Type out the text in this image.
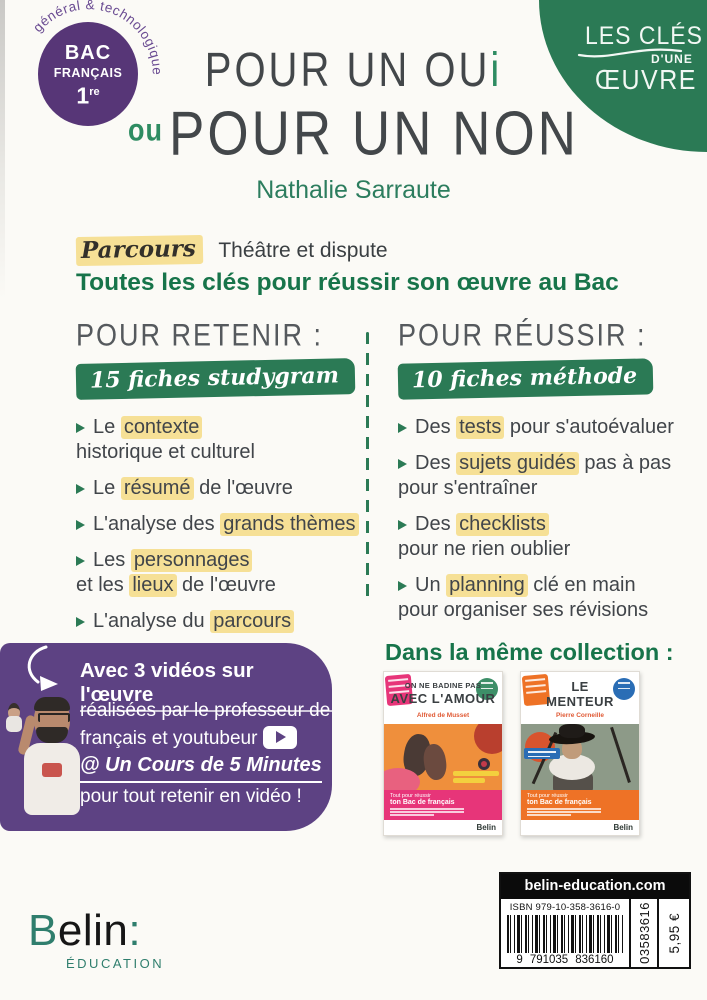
général & technologique
BAC
FRANÇAIS
1re
LES CLÉS
D'UNE
ŒUVRE
POUR UN OUi
$^{ou}$ POUR UN NON
Nathalie Sarraute
Parcours Théâtre et dispute
Toutes les clés pour réussir son œuvre au Bac
POUR RETENIR :
15 fiches studygram
Le contexte
historique et culturel
Le résumé de l'œuvre
L'analyse des grands thèmes
Les personnages
et les lieux de l'œuvre
L'analyse du parcours
POUR RÉUSSIR :
10 fiches méthode
Des tests pour s'autoévaluer
Des sujets guidés pas à pas
pour s'entraîner
Des checklists
pour ne rien oublier
Un planning clé en main
pour organiser ses révisions
Avec 3 vidéos sur l'œuvre
réalisées par le professeur de
français et youtubeur

@ Un Cours de 5 Minutes
pour tout retenir en vidéo !
Dans la même collection :
ON NE BADINE PAS
AVEC L'AMOUR
Alfred de Musset
Tout pour réussir
ton Bac de français
Belin
LE
MENTEUR
Pierre Corneille
Tout pour réussir
ton Bac de français
Belin
Belin:
ÉDUCATION
belin-education.com
ISBN 979-10-358-3616-0
9 791035 836160 03583616 5,95 €
